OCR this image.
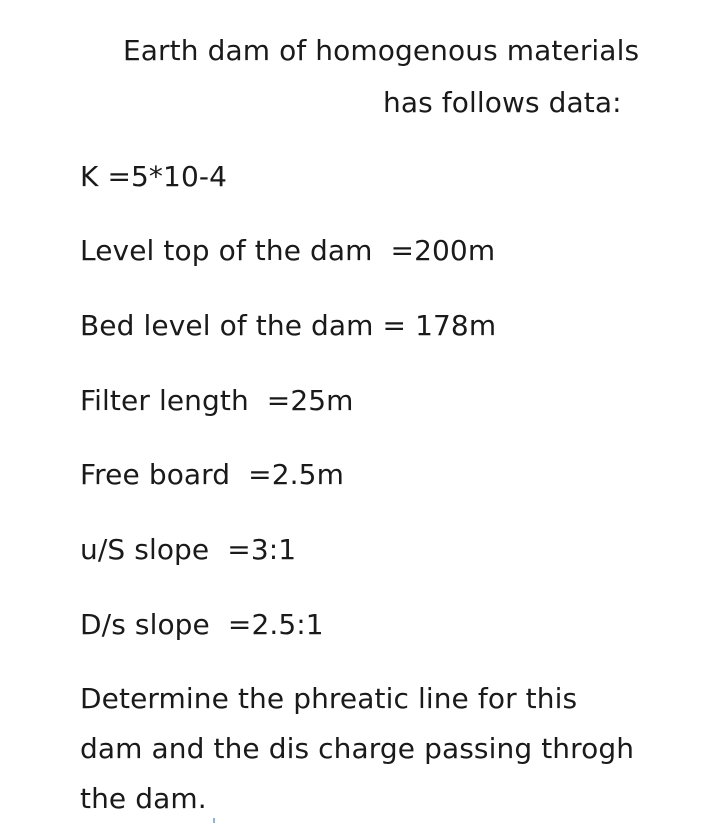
Earth dam of homogenous materials
has follows data:
K =5*10-4
Level top of the dam  =200m
Bed level of the dam = 178m
Filter length  =25m
Free board  =2.5m
u/S slope  =3:1
D/s slope  =2.5:1
Determine the phreatic line for this
dam and the dis charge passing throgh
the dam.
